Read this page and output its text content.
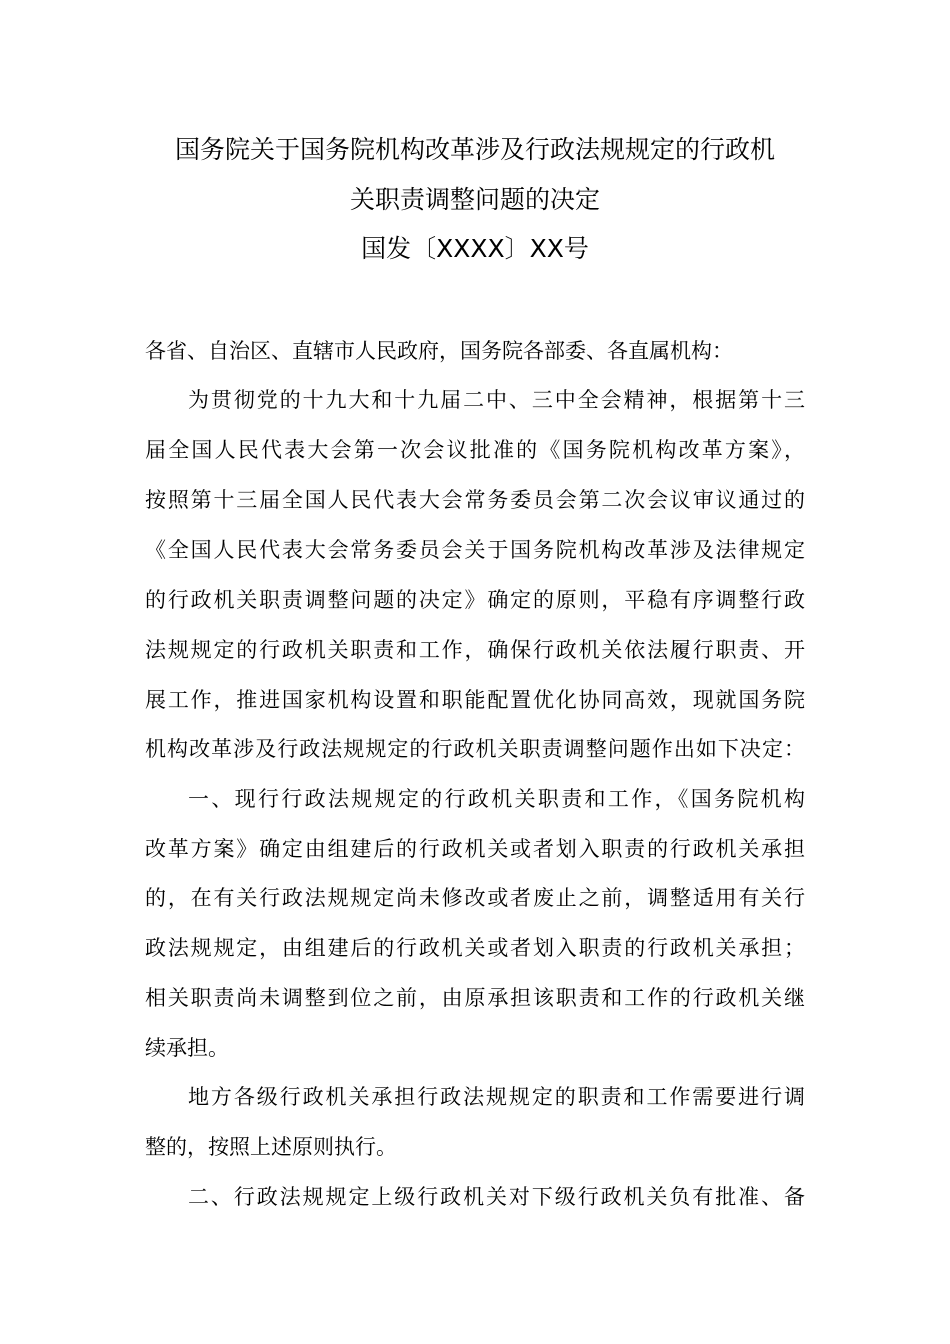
国务院关于国务院机构改革涉及行政法规规定的行政机
关职责调整问题的决定
国发〔XXXX〕XX号
各省、自治区、直辖市人民政府，国务院各部委、各直属机构：
为贯彻党的十九大和十九届二中、三中全会精神，根据第十三
届全国人民代表大会第一次会议批准的《国务院机构改革方案》，
按照第十三届全国人民代表大会常务委员会第二次会议审议通过的
《全国人民代表大会常务委员会关于国务院机构改革涉及法律规定
的行政机关职责调整问题的决定》确定的原则，平稳有序调整行政
法规规定的行政机关职责和工作，确保行政机关依法履行职责、开
展工作，推进国家机构设置和职能配置优化协同高效，现就国务院
机构改革涉及行政法规规定的行政机关职责调整问题作出如下决定：
一、现行行政法规规定的行政机关职责和工作，《国务院机构
改革方案》确定由组建后的行政机关或者划入职责的行政机关承担
的，在有关行政法规规定尚未修改或者废止之前，调整适用有关行
政法规规定，由组建后的行政机关或者划入职责的行政机关承担；
相关职责尚未调整到位之前，由原承担该职责和工作的行政机关继
续承担。
地方各级行政机关承担行政法规规定的职责和工作需要进行调
整的，按照上述原则执行。
二、行政法规规定上级行政机关对下级行政机关负有批准、备
